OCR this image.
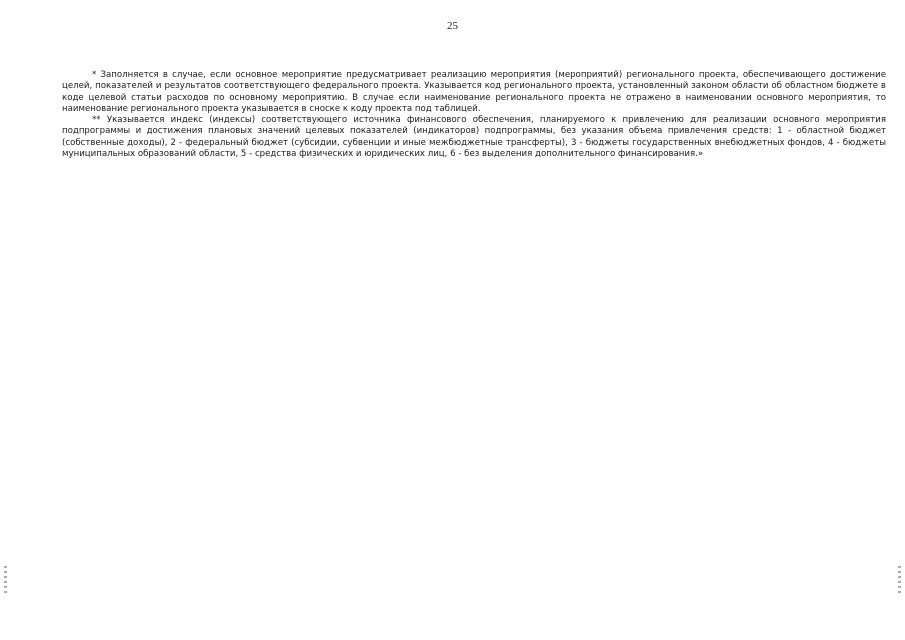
25

* Заполняется в случае, если основное мероприятие предусматривает реализацию мероприятия (мероприятий) регионального проекта, обеспечивающего достижение целей, показателей и результатов соответствующего федерального проекта. Указывается код регионального проекта, установленный законом области об областном бюджете в коде целевой статьи расходов по основному мероприятию. В случае если наименование регионального проекта не отражено в наименовании основного мероприятия, то наименование регионального проекта указывается в сноске к коду проекта под таблицей.

** Указывается индекс (индексы) соответствующего источника финансового обеспечения, планируемого к привлечению для реализации основного мероприятия подпрограммы и достижения плановых значений целевых показателей (индикаторов) подпрограммы, без указания объема привлечения средств: 1 - областной бюджет (собственные доходы), 2 - федеральный бюджет (субсидии, субвенции и иные межбюджетные трансферты), 3 - бюджеты государственных внебюджетных фондов, 4 - бюджеты муниципальных образований области, 5 - средства физических и юридических лиц, 6 - без выделения дополнительного финансирования.»
